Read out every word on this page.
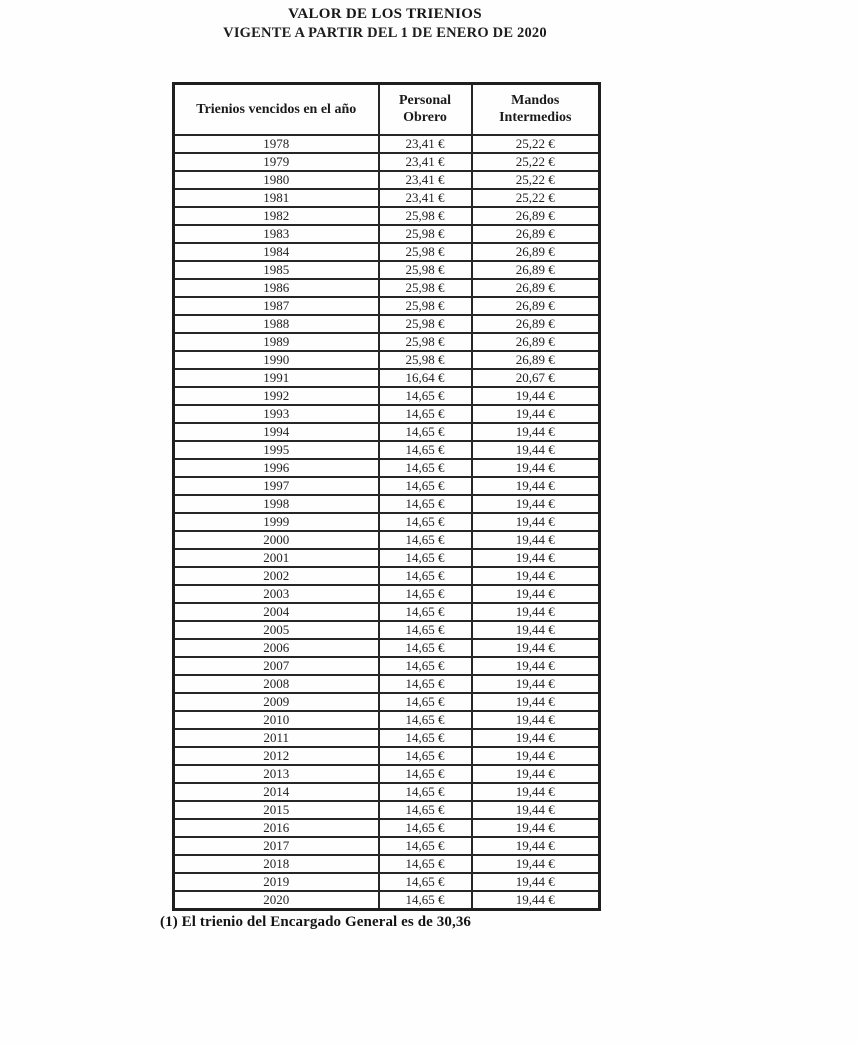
VALOR DE LOS TRIENIOS
VIGENTE A PARTIR DEL 1 DE ENERO DE 2020
Trienios vencidos en el año	Personal Obrero	Mandos Intermedios
1978	23,41 €	25,22 €
1979	23,41 €	25,22 €
1980	23,41 €	25,22 €
1981	23,41 €	25,22 €
1982	25,98 €	26,89 €
1983	25,98 €	26,89 €
1984	25,98 €	26,89 €
1985	25,98 €	26,89 €
1986	25,98 €	26,89 €
1987	25,98 €	26,89 €
1988	25,98 €	26,89 €
1989	25,98 €	26,89 €
1990	25,98 €	26,89 €
1991	16,64 €	20,67 €
1992	14,65 €	19,44 €
1993	14,65 €	19,44 €
1994	14,65 €	19,44 €
1995	14,65 €	19,44 €
1996	14,65 €	19,44 €
1997	14,65 €	19,44 €
1998	14,65 €	19,44 €
1999	14,65 €	19,44 €
2000	14,65 €	19,44 €
2001	14,65 €	19,44 €
2002	14,65 €	19,44 €
2003	14,65 €	19,44 €
2004	14,65 €	19,44 €
2005	14,65 €	19,44 €
2006	14,65 €	19,44 €
2007	14,65 €	19,44 €
2008	14,65 €	19,44 €
2009	14,65 €	19,44 €
2010	14,65 €	19,44 €
2011	14,65 €	19,44 €
2012	14,65 €	19,44 €
2013	14,65 €	19,44 €
2014	14,65 €	19,44 €
2015	14,65 €	19,44 €
2016	14,65 €	19,44 €
2017	14,65 €	19,44 €
2018	14,65 €	19,44 €
2019	14,65 €	19,44 €
2020	14,65 €	19,44 €
(1) El trienio del Encargado General es de 30,36
